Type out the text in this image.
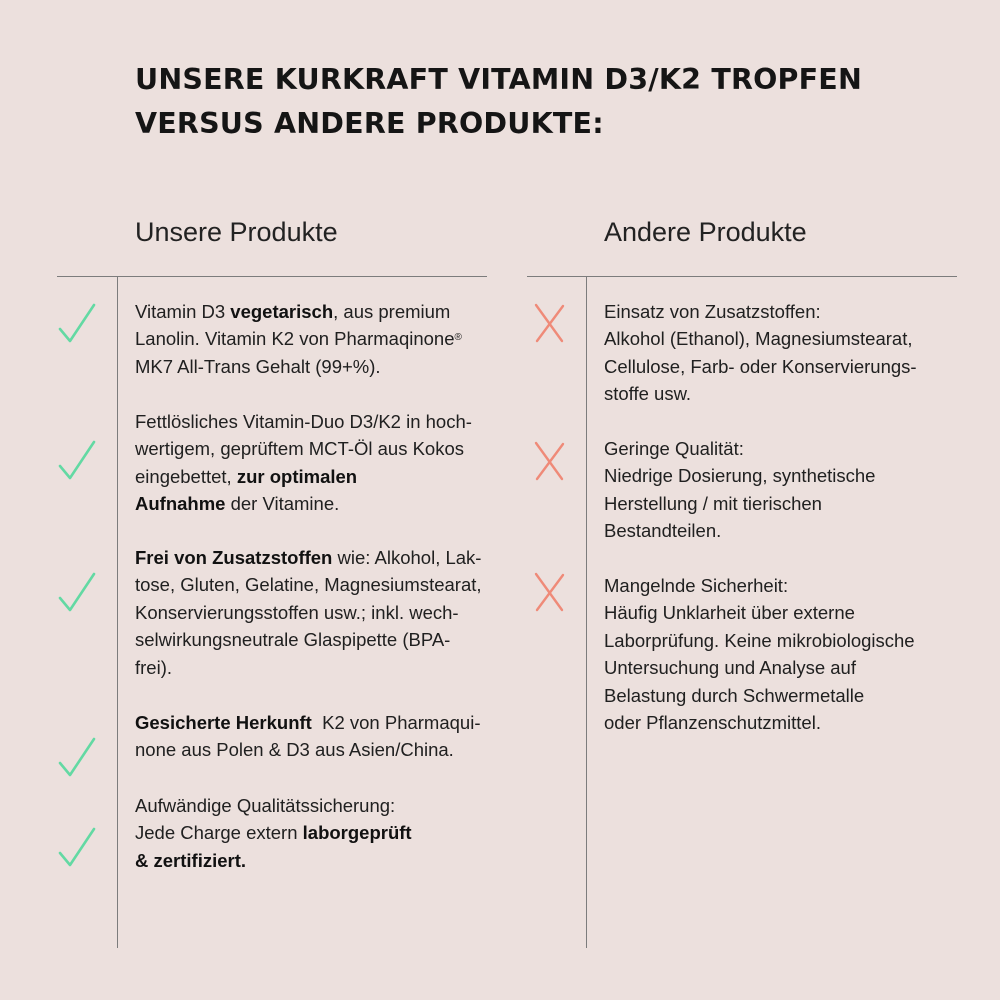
UNSERE KURKRAFT VITAMIN D3/K2 TROPFEN
VERSUS ANDERE PRODUKTE:
Unsere Produkte	Andere Produkte
Vitamin D3 vegetarisch, aus premium
Lanolin. Vitamin K2 von Pharmaqinone®
MK7 All-Trans Gehalt (99+%).
Fettlösliches Vitamin-Duo D3/K2 in hoch-
wertigem, geprüftem MCT-Öl aus Kokos
eingebettet, zur optimalen
Aufnahme der Vitamine.
Frei von Zusatzstoffen wie: Alkohol, Lak-
tose, Gluten, Gelatine, Magnesiumstearat,
Konservierungsstoffen usw.; inkl. wech-
selwirkungsneutrale Glaspipette (BPA-
frei).
Gesicherte Herkunft  K2 von Pharmaqui-
none aus Polen & D3 aus Asien/China.
Aufwändige Qualitätssicherung:
Jede Charge extern laborgeprüft
& zertifiziert.
Einsatz von Zusatzstoffen:
Alkohol (Ethanol), Magnesiumstearat,
Cellulose, Farb- oder Konservierungs-
stoffe usw.
Geringe Qualität:
Niedrige Dosierung, synthetische
Herstellung / mit tierischen
Bestandteilen.
Mangelnde Sicherheit:
Häufig Unklarheit über externe
Laborprüfung. Keine mikrobiologische
Untersuchung und Analyse auf
Belastung durch Schwermetalle
oder Pflanzenschutzmittel.
